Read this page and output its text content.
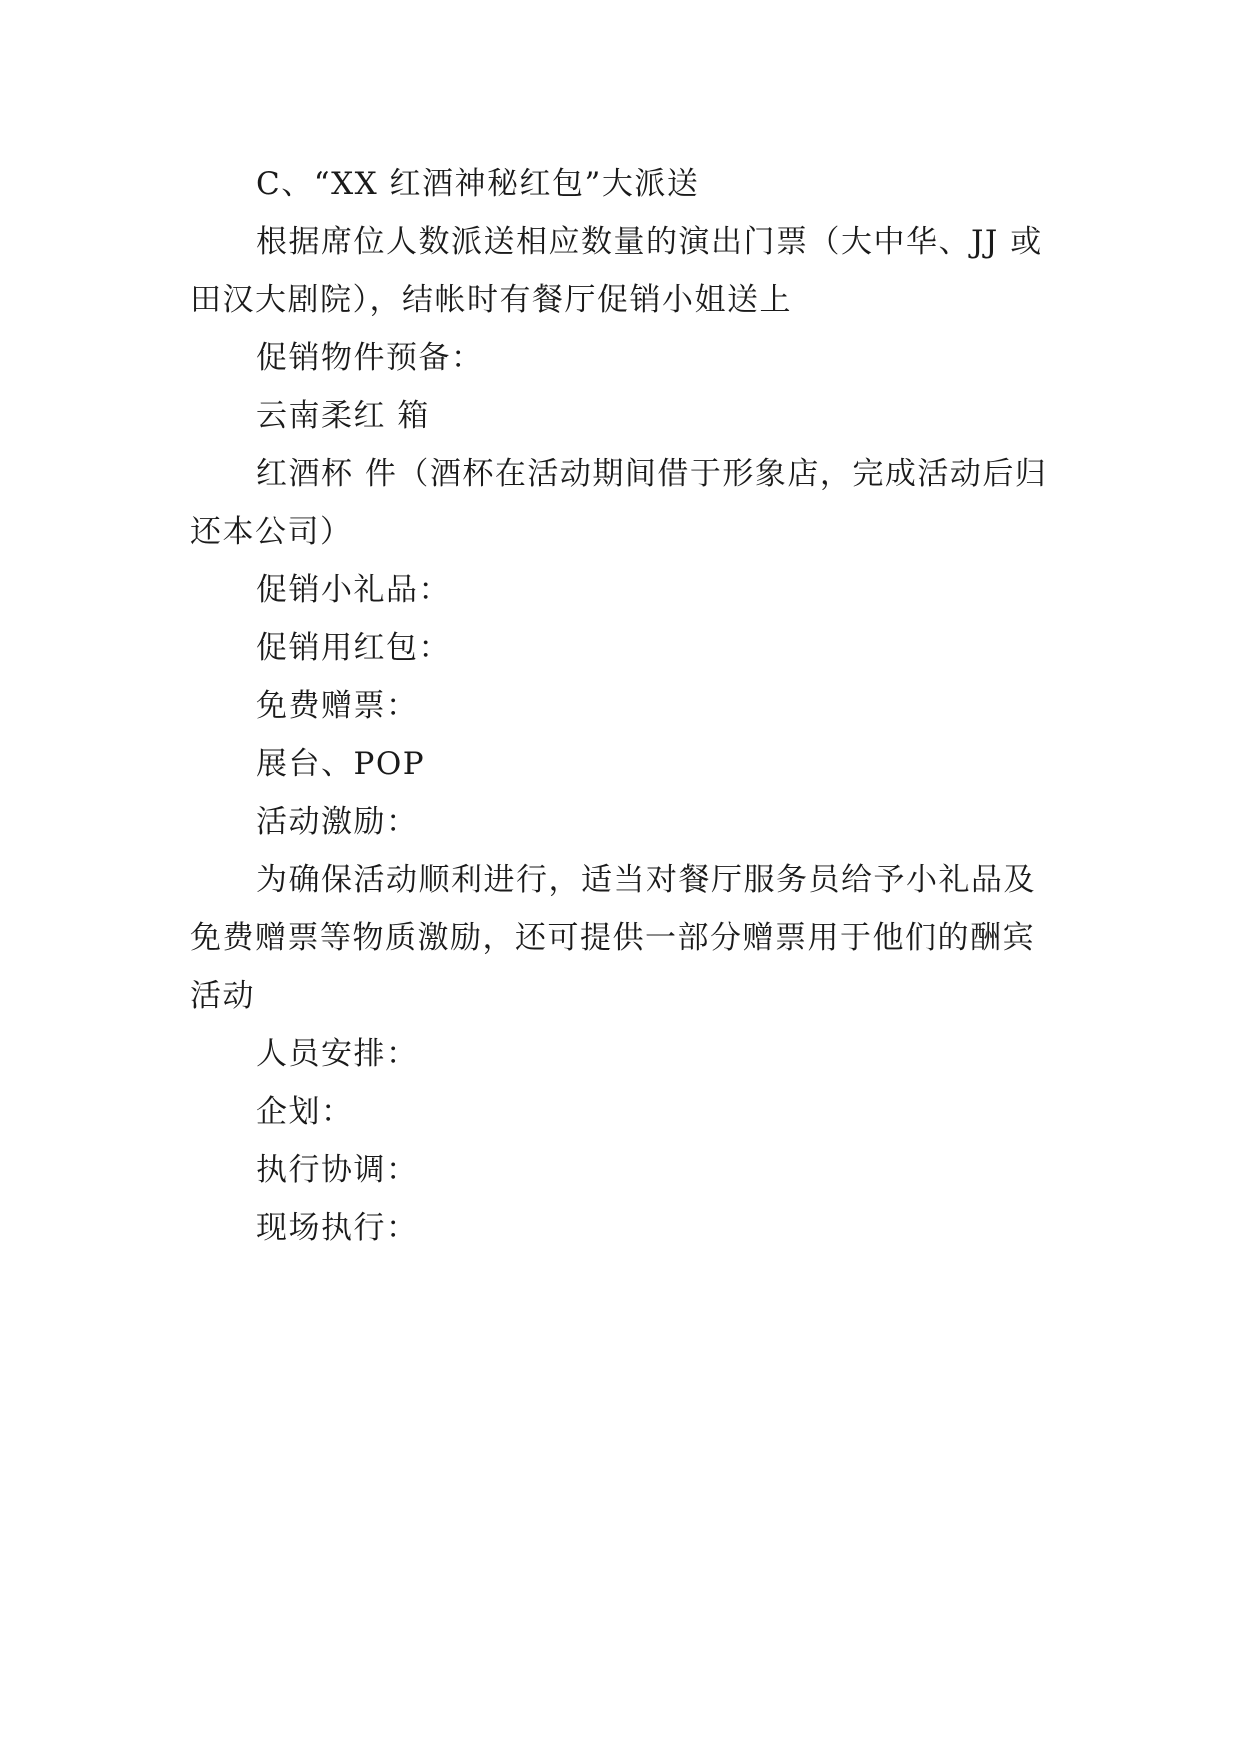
C、“XX 红酒神秘红包”大派送

根据席位人数派送相应数量的演出门票（大中华、JJ 或田汉大剧院），结帐时有餐厅促销小姐送上

促销物件预备：

云南柔红 箱

红酒杯 件（酒杯在活动期间借于形象店，完成活动后归还本公司）

促销小礼品：

促销用红包：

免费赠票：

展台、POP

活动激励：

为确保活动顺利进行，适当对餐厅服务员给予小礼品及免费赠票等物质激励，还可提供一部分赠票用于他们的酬宾活动

人员安排：

企划：

执行协调：

现场执行：
